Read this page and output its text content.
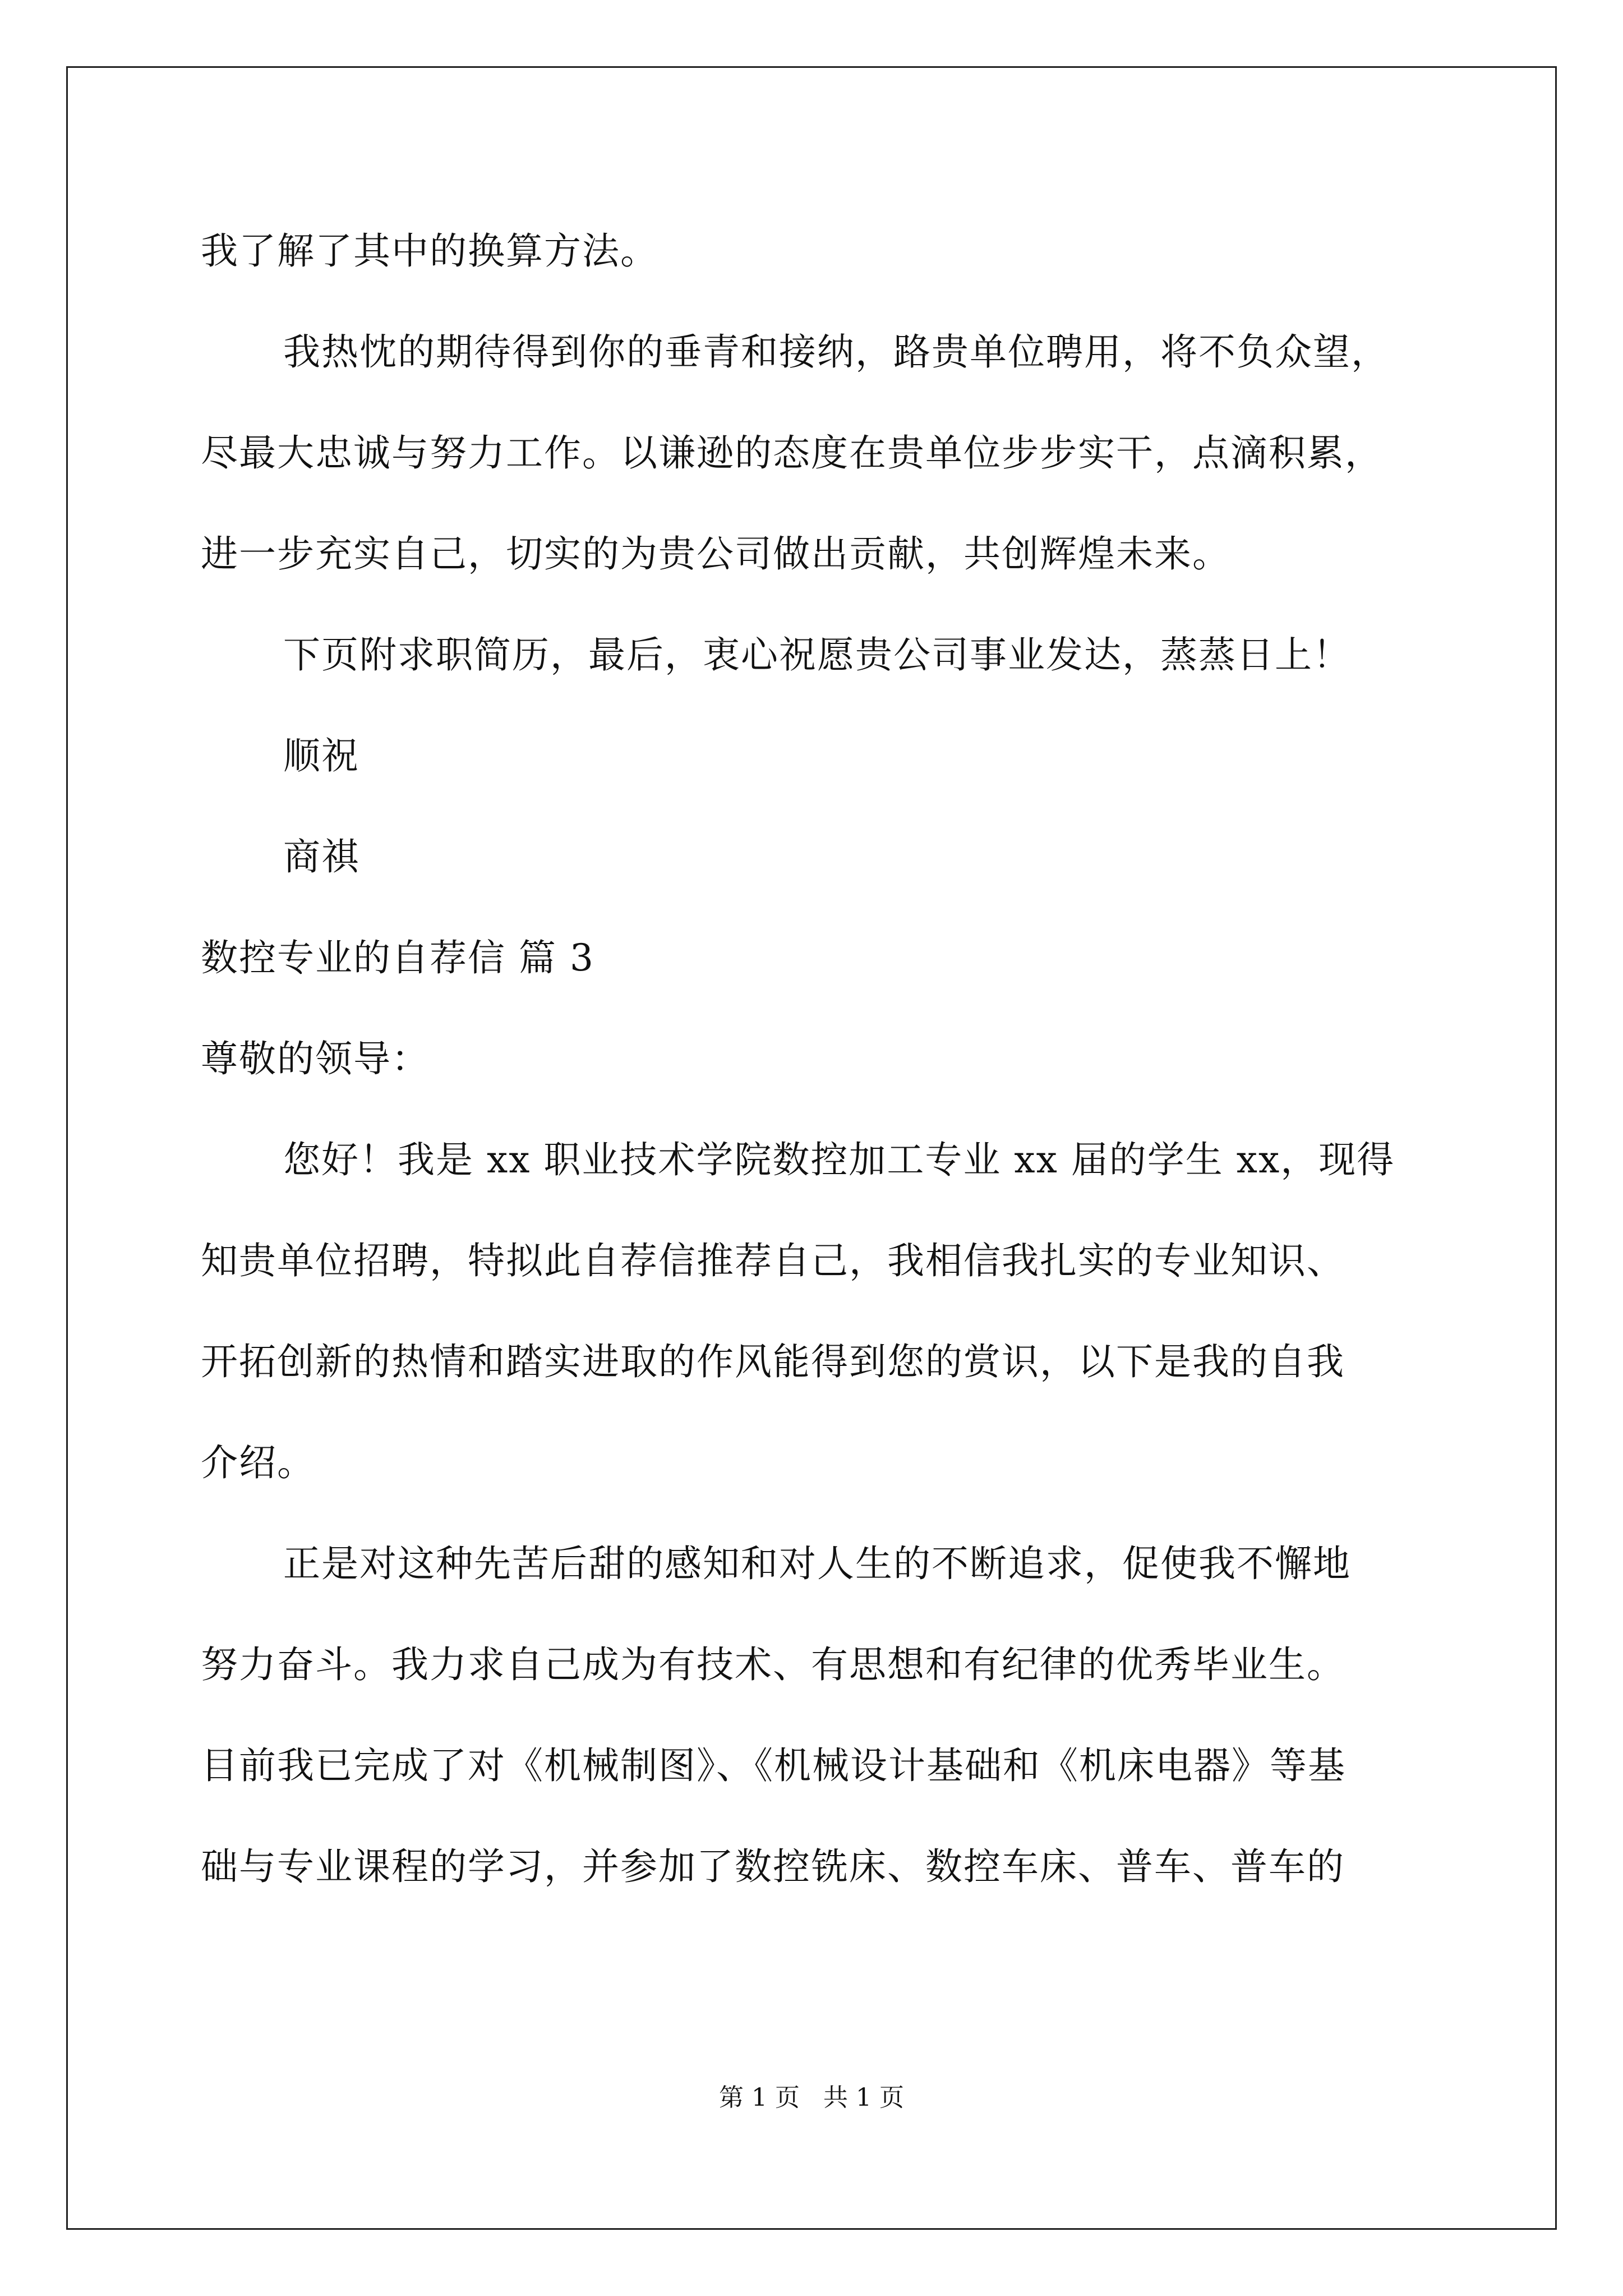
我了解了其中的换算方法。
我热忱的期待得到你的垂青和接纳，路贵单位聘用，将不负众望，
尽最大忠诚与努力工作。以谦逊的态度在贵单位步步实干，点滴积累，
进一步充实自己，切实的为贵公司做出贡献，共创辉煌未来。
下页附求职简历，最后，衷心祝愿贵公司事业发达，蒸蒸日上！
顺祝
商祺
数控专业的自荐信 篇 3
尊敬的领导：
您好！我是 xx 职业技术学院数控加工专业 xx 届的学生 xx，现得
知贵单位招聘，特拟此自荐信推荐自己，我相信我扎实的专业知识、
开拓创新的热情和踏实进取的作风能得到您的赏识，以下是我的自我
介绍。
正是对这种先苦后甜的感知和对人生的不断追求，促使我不懈地
努力奋斗。我力求自己成为有技术、有思想和有纪律的优秀毕业生。
目前我已完成了对《机械制图》、《机械设计基础和《机床电器》等基
础与专业课程的学习，并参加了数控铣床、数控车床、普车、普车的
第 1 页   共 1 页
